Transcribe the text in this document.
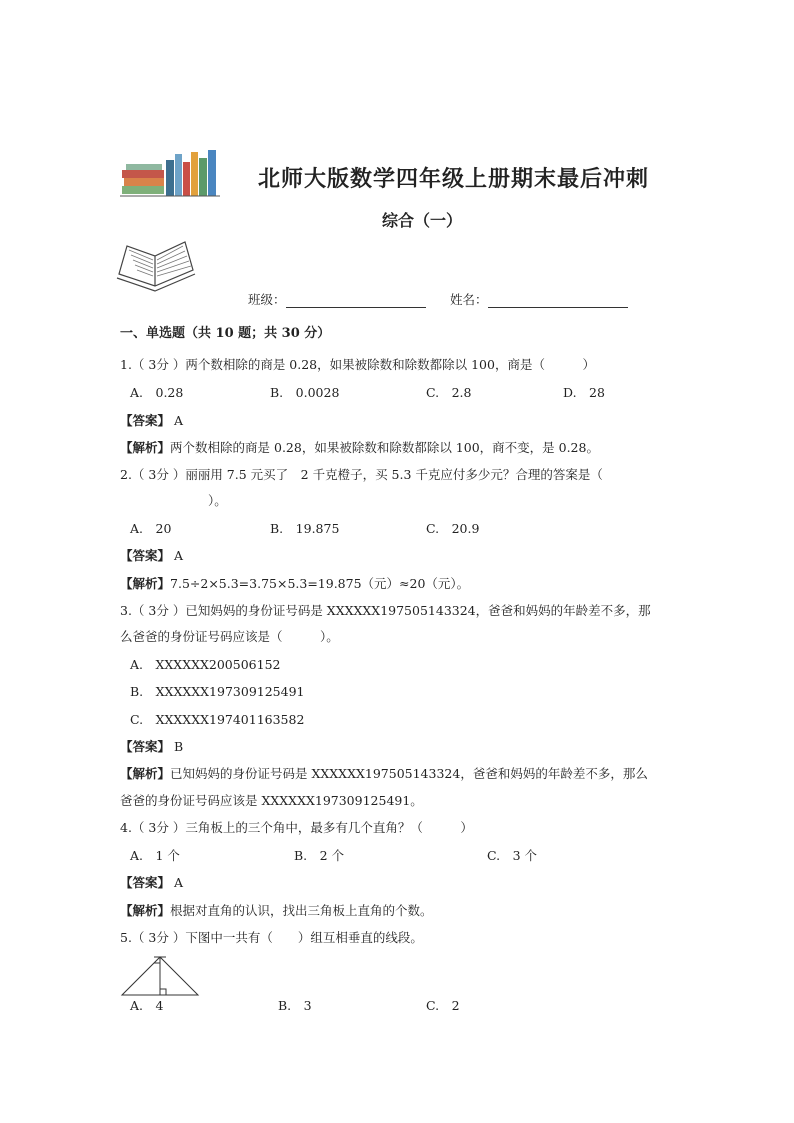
北师大版数学四年级上册期末最后冲刺
综合（一）
班级：	姓名：
一、单选题（共 10 题；共 30 分）
1.（ 3分 ）两个数相除的商是 0.28，如果被除数和除数都除以 100，商是（　　　）
A.　0.28	B.　0.0028	C.　2.8	D.　28
【答案】 A
【解析】两个数相除的商是 0.28，如果被除数和除数都除以 100，商不变，是 0.28。
2.（ 3分 ）丽丽用 7.5 元买了　2 千克橙子，买 5.3 千克应付多少元？合理的答案是（
）。
A.　20	B.　19.875	C.　20.9
【答案】 A
【解析】7.5÷2×5.3=3.75×5.3=19.875（元）≈20（元）。
3.（ 3分 ）已知妈妈的身份证号码是 XXXXXX197505143324，爸爸和妈妈的年龄差不多，那
么爸爸的身份证号码应该是（　　　）。
A.　XXXXXX200506152
B.　XXXXXX197309125491
C.　XXXXXX197401163582
【答案】 B
【解析】已知妈妈的身份证号码是 XXXXXX197505143324，爸爸和妈妈的年龄差不多，那么
爸爸的身份证号码应该是 XXXXXX197309125491。
4.（ 3分 ）三角板上的三个角中，最多有几个直角？（　　　）
A.　1 个	B.　2 个	C.　3 个
【答案】 A
【解析】根据对直角的认识，找出三角板上直角的个数。
5.（ 3分 ）下图中一共有（　　）组互相垂直的线段。
A.　4	B.　3	C.　2
